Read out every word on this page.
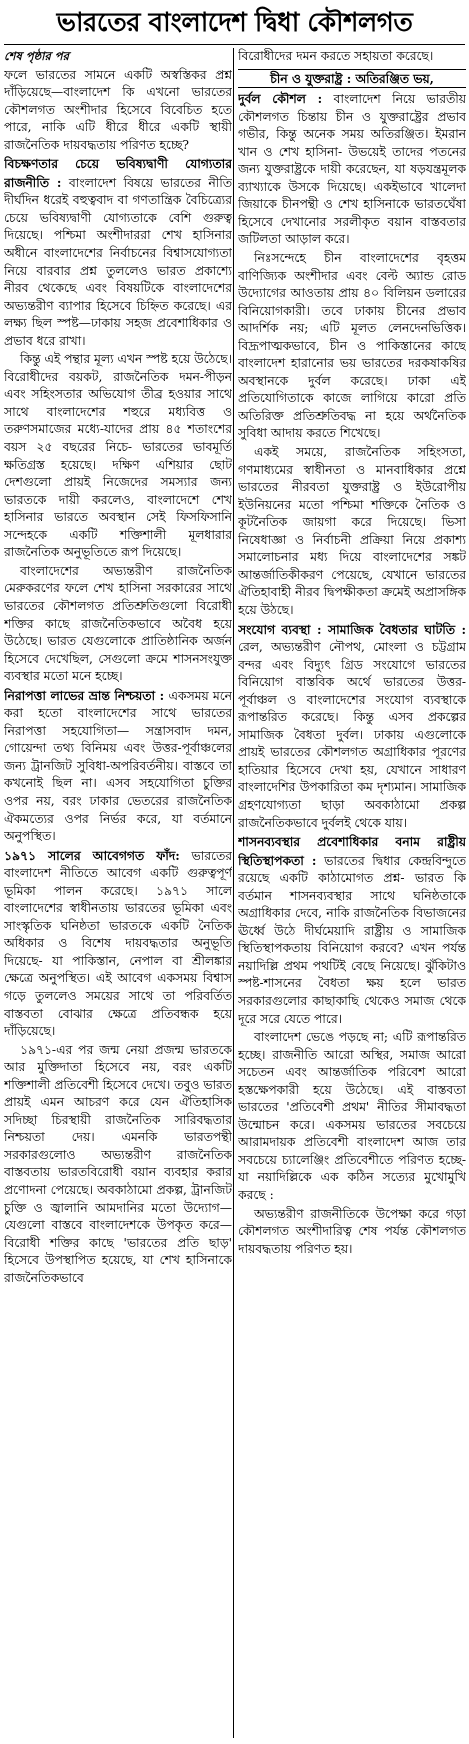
ভারতের বাংলাদেশ দ্বিধা কৌশলগত

শেষ পৃষ্ঠার পর

ফলে ভারতের সামনে একটি অস্বস্তিকর প্রশ্ন দাঁড়িয়েছে—বাংলাদেশ কি এখনো ভারতের কৌশলগত অংশীদার হিসেবে বিবেচিত হতে পারে, নাকি এটি ধীরে ধীরে একটি স্থায়ী রাজনৈতিক দায়বদ্ধতায় পরিণত হচ্ছে?

বিচক্ষণতার চেয়ে ভবিষ্যদ্বাণী যোগ্যতার রাজনীতি : বাংলাদেশ বিষয়ে ভারতের নীতি দীর্ঘদিন ধরেই বহুত্ববাদ বা গণতান্ত্রিক বৈচিত্র্যের চেয়ে ভবিষ্যদ্বাণী যোগ্যতাকে বেশি গুরুত্ব দিয়েছে। পশ্চিমা অংশীদাররা শেখ হাসিনার অধীনে বাংলাদেশের নির্বাচনের বিশ্বাসযোগ্যতা নিয়ে বারবার প্রশ্ন তুললেও ভারত প্রকাশ্যে নীরব থেকেছে এবং বিষয়টিকে বাংলাদেশের অভ্যন্তরীণ ব্যাপার হিসেবে চিহ্নিত করেছে। এর লক্ষ্য ছিল স্পষ্ট—ঢাকায় সহজ প্রবেশাধিকার ও প্রভাব ধরে রাখা।

কিন্তু এই পন্থার মূল্য এখন স্পষ্ট হয়ে উঠেছে। বিরোধীদের বয়কট, রাজনৈতিক দমন-পীড়ন এবং সহিংসতার অভিযোগ তীব্র হওয়ার সাথে সাথে বাংলাদেশের শহুরে মধ্যবিত্ত ও তরুণসমাজের মধ্যে-যাদের প্রায় ৪৫ শতাংশের বয়স ২৫ বছরের নিচে- ভারতের ভাবমূর্তি ক্ষতিগ্রস্ত হয়েছে। দক্ষিণ এশিয়ার ছোট দেশগুলো প্রায়ই নিজেদের সমস্যার জন্য ভারতকে দায়ী করলেও, বাংলাদেশে শেখ হাসিনার ভারতে অবস্থান সেই ফিসফিসানি সন্দেহকে একটি শক্তিশালী মূলধারার রাজনৈতিক অনুভূতিতে রূপ দিয়েছে।

বাংলাদেশের অভ্যন্তরীণ রাজনৈতিক মেরুকরণের ফলে শেখ হাসিনা সরকারের সাথে ভারতের কৌশলগত প্রতিশ্রুতিগুলো বিরোধী শক্তির কাছে রাজনৈতিকভাবে অবৈধ হয়ে উঠেছে। ভারত যেগুলোকে প্রাতিষ্ঠানিক অর্জন হিসেবে দেখেছিল, সেগুলো ক্রমে শাসনসংযুক্ত ব্যবস্থার মতো মনে হচ্ছে।

নিরাপত্তা লাভের ভ্রান্ত নিশ্চয়তা : একসময় মনে করা হতো বাংলাদেশের সাথে ভারতের নিরাপত্তা সহযোগিতা— সন্ত্রাসবাদ দমন, গোয়েন্দা তথ্য বিনিময় এবং উত্তর-পূর্বাঞ্চলের জন্য ট্রানজিট সুবিধা-অপরিবর্তনীয়। বাস্তবে তা কখনোই ছিল না। এসব সহযোগিতা চুক্তির ওপর নয়, বরং ঢাকার ভেতরের রাজনৈতিক ঐকমত্যের ওপর নির্ভর করে, যা বর্তমানে অনুপস্থিত।

১৯৭১ সালের আবেগগত ফাঁদ: ভারতের বাংলাদেশ নীতিতে আবেগ একটি গুরুত্বপূর্ণ ভূমিকা পালন করেছে। ১৯৭১ সালে বাংলাদেশের স্বাধীনতায় ভারতের ভূমিকা এবং সাংস্কৃতিক ঘনিষ্ঠতা ভারতকে একটি নৈতিক অধিকার ও বিশেষ দায়বদ্ধতার অনুভূতি দিয়েছে- যা পাকিস্তান, নেপাল বা শ্রীলঙ্কার ক্ষেত্রে অনুপস্থিত। এই আবেগ একসময় বিশ্বাস গড়ে তুললেও সময়ের সাথে তা পরিবর্তিত বাস্তবতা বোঝার ক্ষেত্রে প্রতিবন্ধক হয়ে দাঁড়িয়েছে।

১৯৭১-এর পর জন্ম নেয়া প্রজন্ম ভারতকে আর মুক্তিদাতা হিসেবে নয়, বরং একটি শক্তিশালী প্রতিবেশী হিসেবে দেখে। তবুও ভারত প্রায়ই এমন আচরণ করে যেন ঐতিহাসিক সদিচ্ছা চিরস্থায়ী রাজনৈতিক সারিবদ্ধতার নিশ্চয়তা দেয়। এমনকি ভারতপন্থী সরকারগুলোও অভ্যন্তরীণ রাজনৈতিক বাস্তবতায় ভারতবিরোধী বয়ান ব্যবহার করার প্রণোদনা পেয়েছে। অবকাঠামো প্রকল্প, ট্রানজিট চুক্তি ও জ্বালানি আমদানির মতো উদ্যোগ— যেগুলো বাস্তবে বাংলাদেশকে উপকৃত করে— বিরোধী শক্তির কাছে 'ভারতের প্রতি ছাড়' হিসেবে উপস্থাপিত হয়েছে, যা শেখ হাসিনাকে রাজনৈতিকভাবে

বিরোধীদের দমন করতে সহায়তা করেছে।

চীন ও যুক্তরাষ্ট্র : অতিরঞ্জিত ভয়,

দুর্বল কৌশল : বাংলাদেশ নিয়ে ভারতীয় কৌশলগত চিন্তায় চীন ও যুক্তরাষ্ট্রের প্রভাব গভীর, কিন্তু অনেক সময় অতিরঞ্জিত। ইমরান খান ও শেখ হাসিনা- উভয়েই তাদের পতনের জন্য যুক্তরাষ্ট্রকে দায়ী করেছেন, যা ষড়যন্ত্রমূলক ব্যাখ্যাকে উসকে দিয়েছে। একইভাবে খালেদা জিয়াকে চীনপন্থী ও শেখ হাসিনাকে ভারতঘেঁষা হিসেবে দেখানোর সরলীকৃত বয়ান বাস্তবতার জটিলতা আড়াল করে।

নিঃসন্দেহে চীন বাংলাদেশের বৃহত্তম বাণিজ্যিক অংশীদার এবং বেল্ট অ্যান্ড রোড উদ্যোগের আওতায় প্রায় ৪০ বিলিয়ন ডলারের বিনিয়োগকারী। তবে ঢাকায় চীনের প্রভাব আদর্শিক নয়; এটি মূলত লেনদেনভিত্তিক। বিদ্রূপাত্মকভাবে, চীন ও পাকিস্তানের কাছে বাংলাদেশ হারানোর ভয় ভারতের দরকষাকষির অবস্থানকে দুর্বল করেছে। ঢাকা এই প্রতিযোগিতাকে কাজে লাগিয়ে কারো প্রতি অতিরিক্ত প্রতিশ্রুতিবদ্ধ না হয়ে অর্থনৈতিক সুবিধা আদায় করতে শিখেছে।

একই সময়ে, রাজনৈতিক সহিংসতা, গণমাধ্যমের স্বাধীনতা ও মানবাধিকার প্রশ্নে ভারতের নীরবতা যুক্তরাষ্ট্র ও ইউরোপীয় ইউনিয়নের মতো পশ্চিমা শক্তিকে নৈতিক ও কূটনৈতিক জায়গা করে দিয়েছে। ভিসা নিষেধাজ্ঞা ও নির্বাচনী প্রক্রিয়া নিয়ে প্রকাশ্য সমালোচনার মধ্য দিয়ে বাংলাদেশের সঙ্কট আন্তর্জাতিকীকরণ পেয়েছে, যেখানে ভারতের ঐতিহাবাহী নীরব দ্বিপক্ষীকতা ক্রমেই অপ্রাসঙ্গিক হয়ে উঠছে।

সংযোগ ব্যবস্থা : সামাজিক বৈধতার ঘাটতি : রেল, অভ্যন্তরীণ নৌপথ, মোংলা ও চট্টগ্রাম বন্দর এবং বিদ্যুৎ গ্রিড সংযোগে ভারতের বিনিয়োগ বাস্তবিক অর্থে ভারতের উত্তর-পূর্বাঞ্চল ও বাংলাদেশের সংযোগ ব্যবস্থাকে রূপান্তরিত করেছে। কিন্তু এসব প্রকল্পের সামাজিক বৈধতা দুর্বল। ঢাকায় এগুলোকে প্রায়ই ভারতের কৌশলগত অগ্রাধিকার পূরণের হাতিয়ার হিসেবে দেখা হয়, যেখানে সাধারণ বাংলাদেশির উপকারিতা কম দৃশ্যমান। সামাজিক গ্রহণযোগ্যতা ছাড়া অবকাঠামো প্রকল্প রাজনৈতিকভাবে দুর্বলই থেকে যায়।

শাসনব্যবস্থার প্রবেশাধিকার বনাম রাষ্ট্রীয় স্থিতিস্থাপকতা : ভারতের দ্বিধার কেন্দ্রবিন্দুতে রয়েছে একটি কাঠামোগত প্রশ্ন- ভারত কি বর্তমান শাসনব্যবস্থার সাথে ঘনিষ্ঠতাকে অগ্রাধিকার দেবে, নাকি রাজনৈতিক বিভাজনের ঊর্ধ্বে উঠে দীর্ঘমেয়াদি রাষ্ট্রীয় ও সামাজিক স্থিতিস্থাপকতায় বিনিয়োগ করবে? এখন পর্যন্ত নয়াদিল্লি প্রথম পথটিই বেছে নিয়েছে। ঝুঁকিটাও স্পষ্ট-শাসনের বৈধতা ক্ষয় হলে ভারত সরকারগুলোর কাছাকাছি থেকেও সমাজ থেকে দূরে সরে যেতে পারে।

বাংলাদেশ ভেঙে পড়ছে না; এটি রূপান্তরিত হচ্ছে। রাজনীতি আরো অস্থির, সমাজ আরো সচেতন এবং আন্তর্জাতিক পরিবেশ আরো হস্তক্ষেপকারী হয়ে উঠেছে। এই বাস্তবতা ভারতের 'প্রতিবেশী প্রথম' নীতির সীমাবদ্ধতা উন্মোচন করে। একসময় ভারতের সবচেয়ে আরামদায়ক প্রতিবেশী বাংলাদেশ আজ তার সবচেয়ে চ্যালেঞ্জিং প্রতিবেশীতে পরিণত হচ্ছে- যা নয়াদিল্লিকে এক কঠিন সত্যের মুখোমুখি করছে :

অভ্যন্তরীণ রাজনীতিকে উপেক্ষা করে গড়া কৌশলগত অংশীদারিত্ব শেষ পর্যন্ত কৌশলগত দায়বদ্ধতায় পরিণত হয়।
